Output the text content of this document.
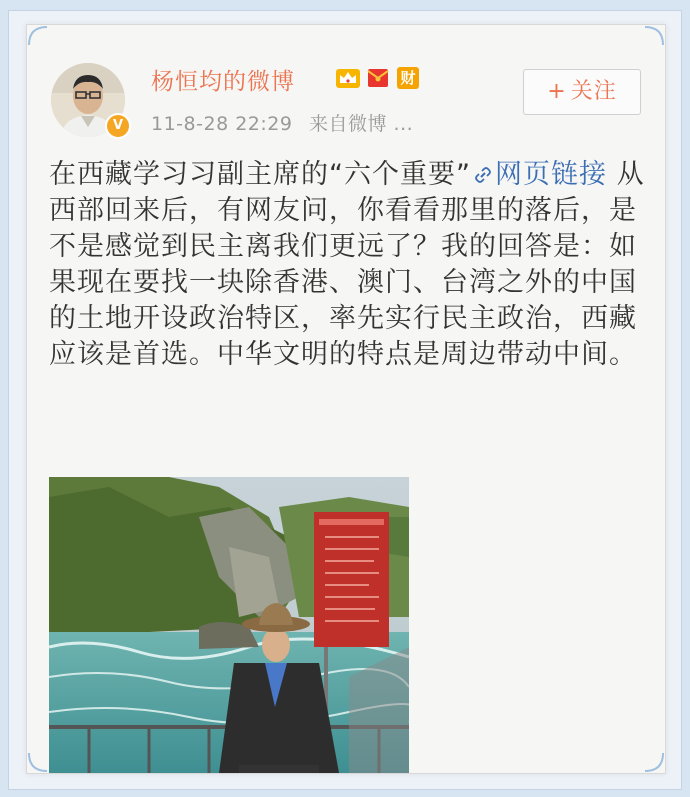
V
杨恒均的微博	财
11-8-28 22:29 来自微博 ...
+ 关注
在西藏学习习副主席的“六个重要” 网页链接 从西部回来后，有网友问，你看看那里的落后，是不是感觉到民主离我们更远了？我的回答是：如果现在要找一块除香港、澳门、台湾之外的中国的土地开设政治特区，率先实行民主政治，西藏应该是首选。中华文明的特点是周边带动中间。
